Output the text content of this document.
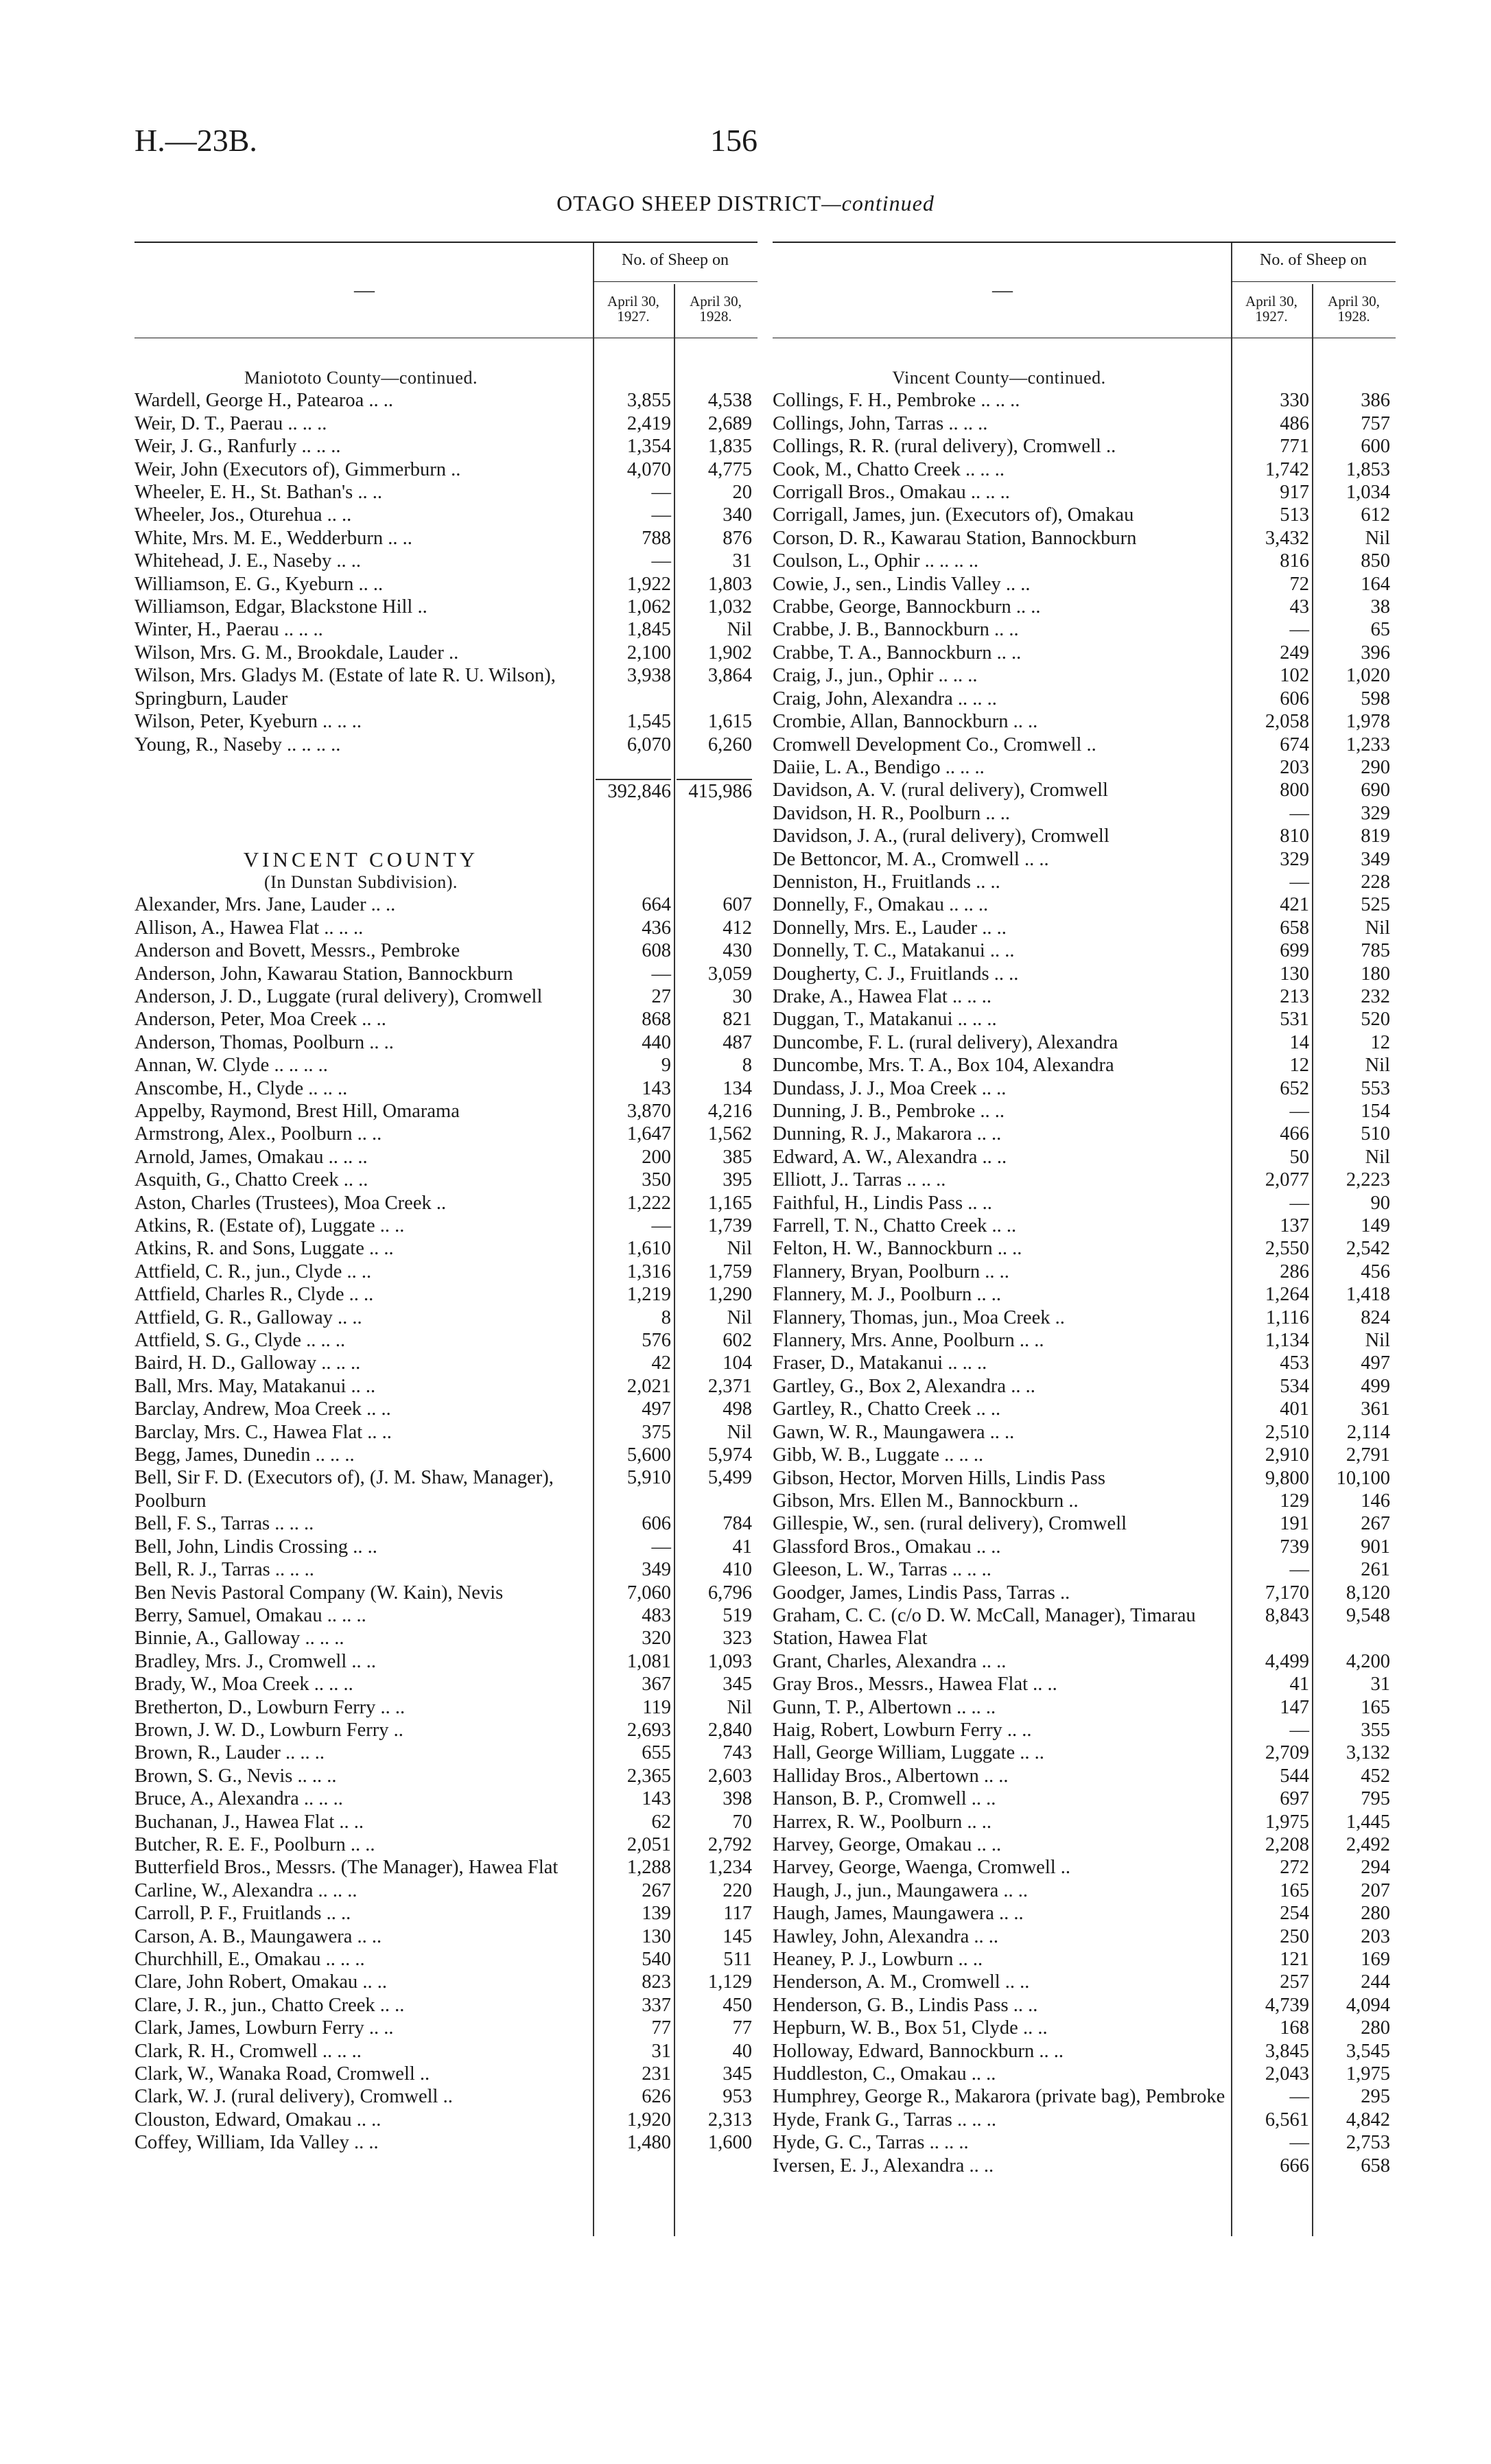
H.—23B.	156
OTAGO SHEEP DISTRICT—continued
—
No. of Sheep on
April 30, 1927.
April 30, 1928.
Maniototo County—continued.
Wardell, George H., Patearoa .. ..	3,855	4,538
Weir, D. T., Paerau .. .. ..	2,419	2,689
Weir, J. G., Ranfurly .. .. ..	1,354	1,835
Weir, John (Executors of), Gimmerburn ..	4,070	4,775
Wheeler, E. H., St. Bathan's .. ..	—	20
Wheeler, Jos., Oturehua .. ..	—	340
White, Mrs. M. E., Wedderburn .. ..	788	876
Whitehead, J. E., Naseby .. ..	—	31
Williamson, E. G., Kyeburn .. ..	1,922	1,803
Williamson, Edgar, Blackstone Hill ..	1,062	1,032
Winter, H., Paerau .. .. ..	1,845	Nil
Wilson, Mrs. G. M., Brookdale, Lauder ..	2,100	1,902
Wilson, Mrs. Gladys M. (Estate of late R. U. Wilson), Springburn, Lauder
3,938	3,864
Wilson, Peter, Kyeburn .. .. ..	1,545	1,615
Young, R., Naseby .. .. .. ..	6,070	6,260

392,846 415,986
VINCENT COUNTY
(In Dunstan Subdivision).
Alexander, Mrs. Jane, Lauder .. ..	664	607
Allison, A., Hawea Flat .. .. ..	436	412
Anderson and Bovett, Messrs., Pembroke	608	430
Anderson, John, Kawarau Station, Bannockburn	—	3,059
Anderson, J. D., Luggate (rural delivery), Cromwell	27	30
Anderson, Peter, Moa Creek .. ..	868	821
Anderson, Thomas, Poolburn .. ..	440	487
Annan, W. Clyde .. .. .. ..	9	8
Anscombe, H., Clyde .. .. ..	143	134
Appelby, Raymond, Brest Hill, Omarama	3,870	4,216
Armstrong, Alex., Poolburn .. ..	1,647	1,562
Arnold, James, Omakau .. .. ..	200	385
Asquith, G., Chatto Creek .. ..	350	395
Aston, Charles (Trustees), Moa Creek ..	1,222	1,165
Atkins, R. (Estate of), Luggate .. ..	—	1,739
Atkins, R. and Sons, Luggate .. ..	1,610	Nil
Attfield, C. R., jun., Clyde .. ..	1,316	1,759
Attfield, Charles R., Clyde .. ..	1,219	1,290
Attfield, G. R., Galloway .. ..	8	Nil
Attfield, S. G., Clyde .. .. ..	576	602
Baird, H. D., Galloway .. .. ..	42	104
Ball, Mrs. May, Matakanui .. ..	2,021	2,371
Barclay, Andrew, Moa Creek .. ..	497	498
Barclay, Mrs. C., Hawea Flat .. ..	375	Nil
Begg, James, Dunedin .. .. ..	5,600	5,974
Bell, Sir F. D. (Executors of), (J. M. Shaw, Manager), Poolburn
5,910	5,499
Bell, F. S., Tarras .. .. ..	606	784
Bell, John, Lindis Crossing .. ..	—	41
Bell, R. J., Tarras .. .. ..	349	410
Ben Nevis Pastoral Company (W. Kain), Nevis	7,060	6,796
Berry, Samuel, Omakau .. .. ..	483	519
Binnie, A., Galloway .. .. ..	320	323
Bradley, Mrs. J., Cromwell .. ..	1,081	1,093
Brady, W., Moa Creek .. .. ..	367	345
Bretherton, D., Lowburn Ferry .. ..	119	Nil
Brown, J. W. D., Lowburn Ferry ..	2,693	2,840
Brown, R., Lauder .. .. ..	655	743
Brown, S. G., Nevis .. .. ..	2,365	2,603
Bruce, A., Alexandra .. .. ..	143	398
Buchanan, J., Hawea Flat .. ..	62	70
Butcher, R. E. F., Poolburn .. ..	2,051	2,792
Butterfield Bros., Messrs. (The Manager), Hawea Flat	1,288	1,234
Carline, W., Alexandra .. .. ..	267	220
Carroll, P. F., Fruitlands .. ..	139	117
Carson, A. B., Maungawera .. ..	130	145
Churchhill, E., Omakau .. .. ..	540	511
Clare, John Robert, Omakau .. ..	823	1,129
Clare, J. R., jun., Chatto Creek .. ..	337	450
Clark, James, Lowburn Ferry .. ..	77	77
Clark, R. H., Cromwell .. .. ..	31	40
Clark, W., Wanaka Road, Cromwell ..	231	345
Clark, W. J. (rural delivery), Cromwell ..	626	953
Clouston, Edward, Omakau .. ..	1,920	2,313
Coffey, William, Ida Valley .. ..	1,480	1,600
—
No. of Sheep on
April 30, 1927.
April 30, 1928.
Vincent County—continued.
Collings, F. H., Pembroke .. .. ..	330	386
Collings, John, Tarras .. .. ..	486	757
Collings, R. R. (rural delivery), Cromwell ..	771	600
Cook, M., Chatto Creek .. .. ..	1,742	1,853
Corrigall Bros., Omakau .. .. ..	917	1,034
Corrigall, James, jun. (Executors of), Omakau	513	612
Corson, D. R., Kawarau Station, Bannockburn	3,432	Nil
Coulson, L., Ophir .. .. .. ..	816	850
Cowie, J., sen., Lindis Valley .. ..	72	164
Crabbe, George, Bannockburn .. ..	43	38
Crabbe, J. B., Bannockburn .. ..	—	65
Crabbe, T. A., Bannockburn .. ..	249	396
Craig, J., jun., Ophir .. .. ..	102	1,020
Craig, John, Alexandra .. .. ..	606	598
Crombie, Allan, Bannockburn .. ..	2,058	1,978
Cromwell Development Co., Cromwell ..	674	1,233
Daiie, L. A., Bendigo .. .. ..	203	290
Davidson, A. V. (rural delivery), Cromwell	800	690
Davidson, H. R., Poolburn .. ..	—	329
Davidson, J. A., (rural delivery), Cromwell	810	819
De Bettoncor, M. A., Cromwell .. ..	329	349
Denniston, H., Fruitlands .. ..	—	228
Donnelly, F., Omakau .. .. ..	421	525
Donnelly, Mrs. E., Lauder .. ..	658	Nil
Donnelly, T. C., Matakanui .. ..	699	785
Dougherty, C. J., Fruitlands .. ..	130	180
Drake, A., Hawea Flat .. .. ..	213	232
Duggan, T., Matakanui .. .. ..	531	520
Duncombe, F. L. (rural delivery), Alexandra	14	12
Duncombe, Mrs. T. A., Box 104, Alexandra	12	Nil
Dundass, J. J., Moa Creek .. ..	652	553
Dunning, J. B., Pembroke .. ..	—	154
Dunning, R. J., Makarora .. ..	466	510
Edward, A. W., Alexandra .. ..	50	Nil
Elliott, J.. Tarras .. .. ..	2,077	2,223
Faithful, H., Lindis Pass .. ..	—	90
Farrell, T. N., Chatto Creek .. ..	137	149
Felton, H. W., Bannockburn .. ..	2,550	2,542
Flannery, Bryan, Poolburn .. ..	286	456
Flannery, M. J., Poolburn .. ..	1,264	1,418
Flannery, Thomas, jun., Moa Creek ..	1,116	824
Flannery, Mrs. Anne, Poolburn .. ..	1,134	Nil
Fraser, D., Matakanui .. .. ..	453	497
Gartley, G., Box 2, Alexandra .. ..	534	499
Gartley, R., Chatto Creek .. ..	401	361
Gawn, W. R., Maungawera .. ..	2,510	2,114
Gibb, W. B., Luggate .. .. ..	2,910	2,791
Gibson, Hector, Morven Hills, Lindis Pass	9,800	10,100
Gibson, Mrs. Ellen M., Bannockburn ..	129	146
Gillespie, W., sen. (rural delivery), Cromwell	191	267
Glassford Bros., Omakau .. ..	739	901
Gleeson, L. W., Tarras .. .. ..	—	261
Goodger, James, Lindis Pass, Tarras ..	7,170	8,120
Graham, C. C. (c/o D. W. McCall, Manager), Timarau Station, Hawea Flat
8,843	9,548
Grant, Charles, Alexandra .. ..	4,499	4,200
Gray Bros., Messrs., Hawea Flat .. ..	41	31
Gunn, T. P., Albertown .. .. ..	147	165
Haig, Robert, Lowburn Ferry .. ..	—	355
Hall, George William, Luggate .. ..	2,709	3,132
Halliday Bros., Albertown .. ..	544	452
Hanson, B. P., Cromwell .. ..	697	795
Harrex, R. W., Poolburn .. ..	1,975	1,445
Harvey, George, Omakau .. ..	2,208	2,492
Harvey, George, Waenga, Cromwell ..	272	294
Haugh, J., jun., Maungawera .. ..	165	207
Haugh, James, Maungawera .. ..	254	280
Hawley, John, Alexandra .. ..	250	203
Heaney, P. J., Lowburn .. ..	121	169
Henderson, A. M., Cromwell .. ..	257	244
Henderson, G. B., Lindis Pass .. ..	4,739	4,094
Hepburn, W. B., Box 51, Clyde .. ..	168	280
Holloway, Edward, Bannockburn .. ..	3,845	3,545
Huddleston, C., Omakau .. ..	2,043	1,975
Humphrey, George R., Makarora (private bag), Pembroke	—	295
Hyde, Frank G., Tarras .. .. ..	6,561	4,842
Hyde, G. C., Tarras .. .. ..	—	2,753
Iversen, E. J., Alexandra .. ..	666	658
